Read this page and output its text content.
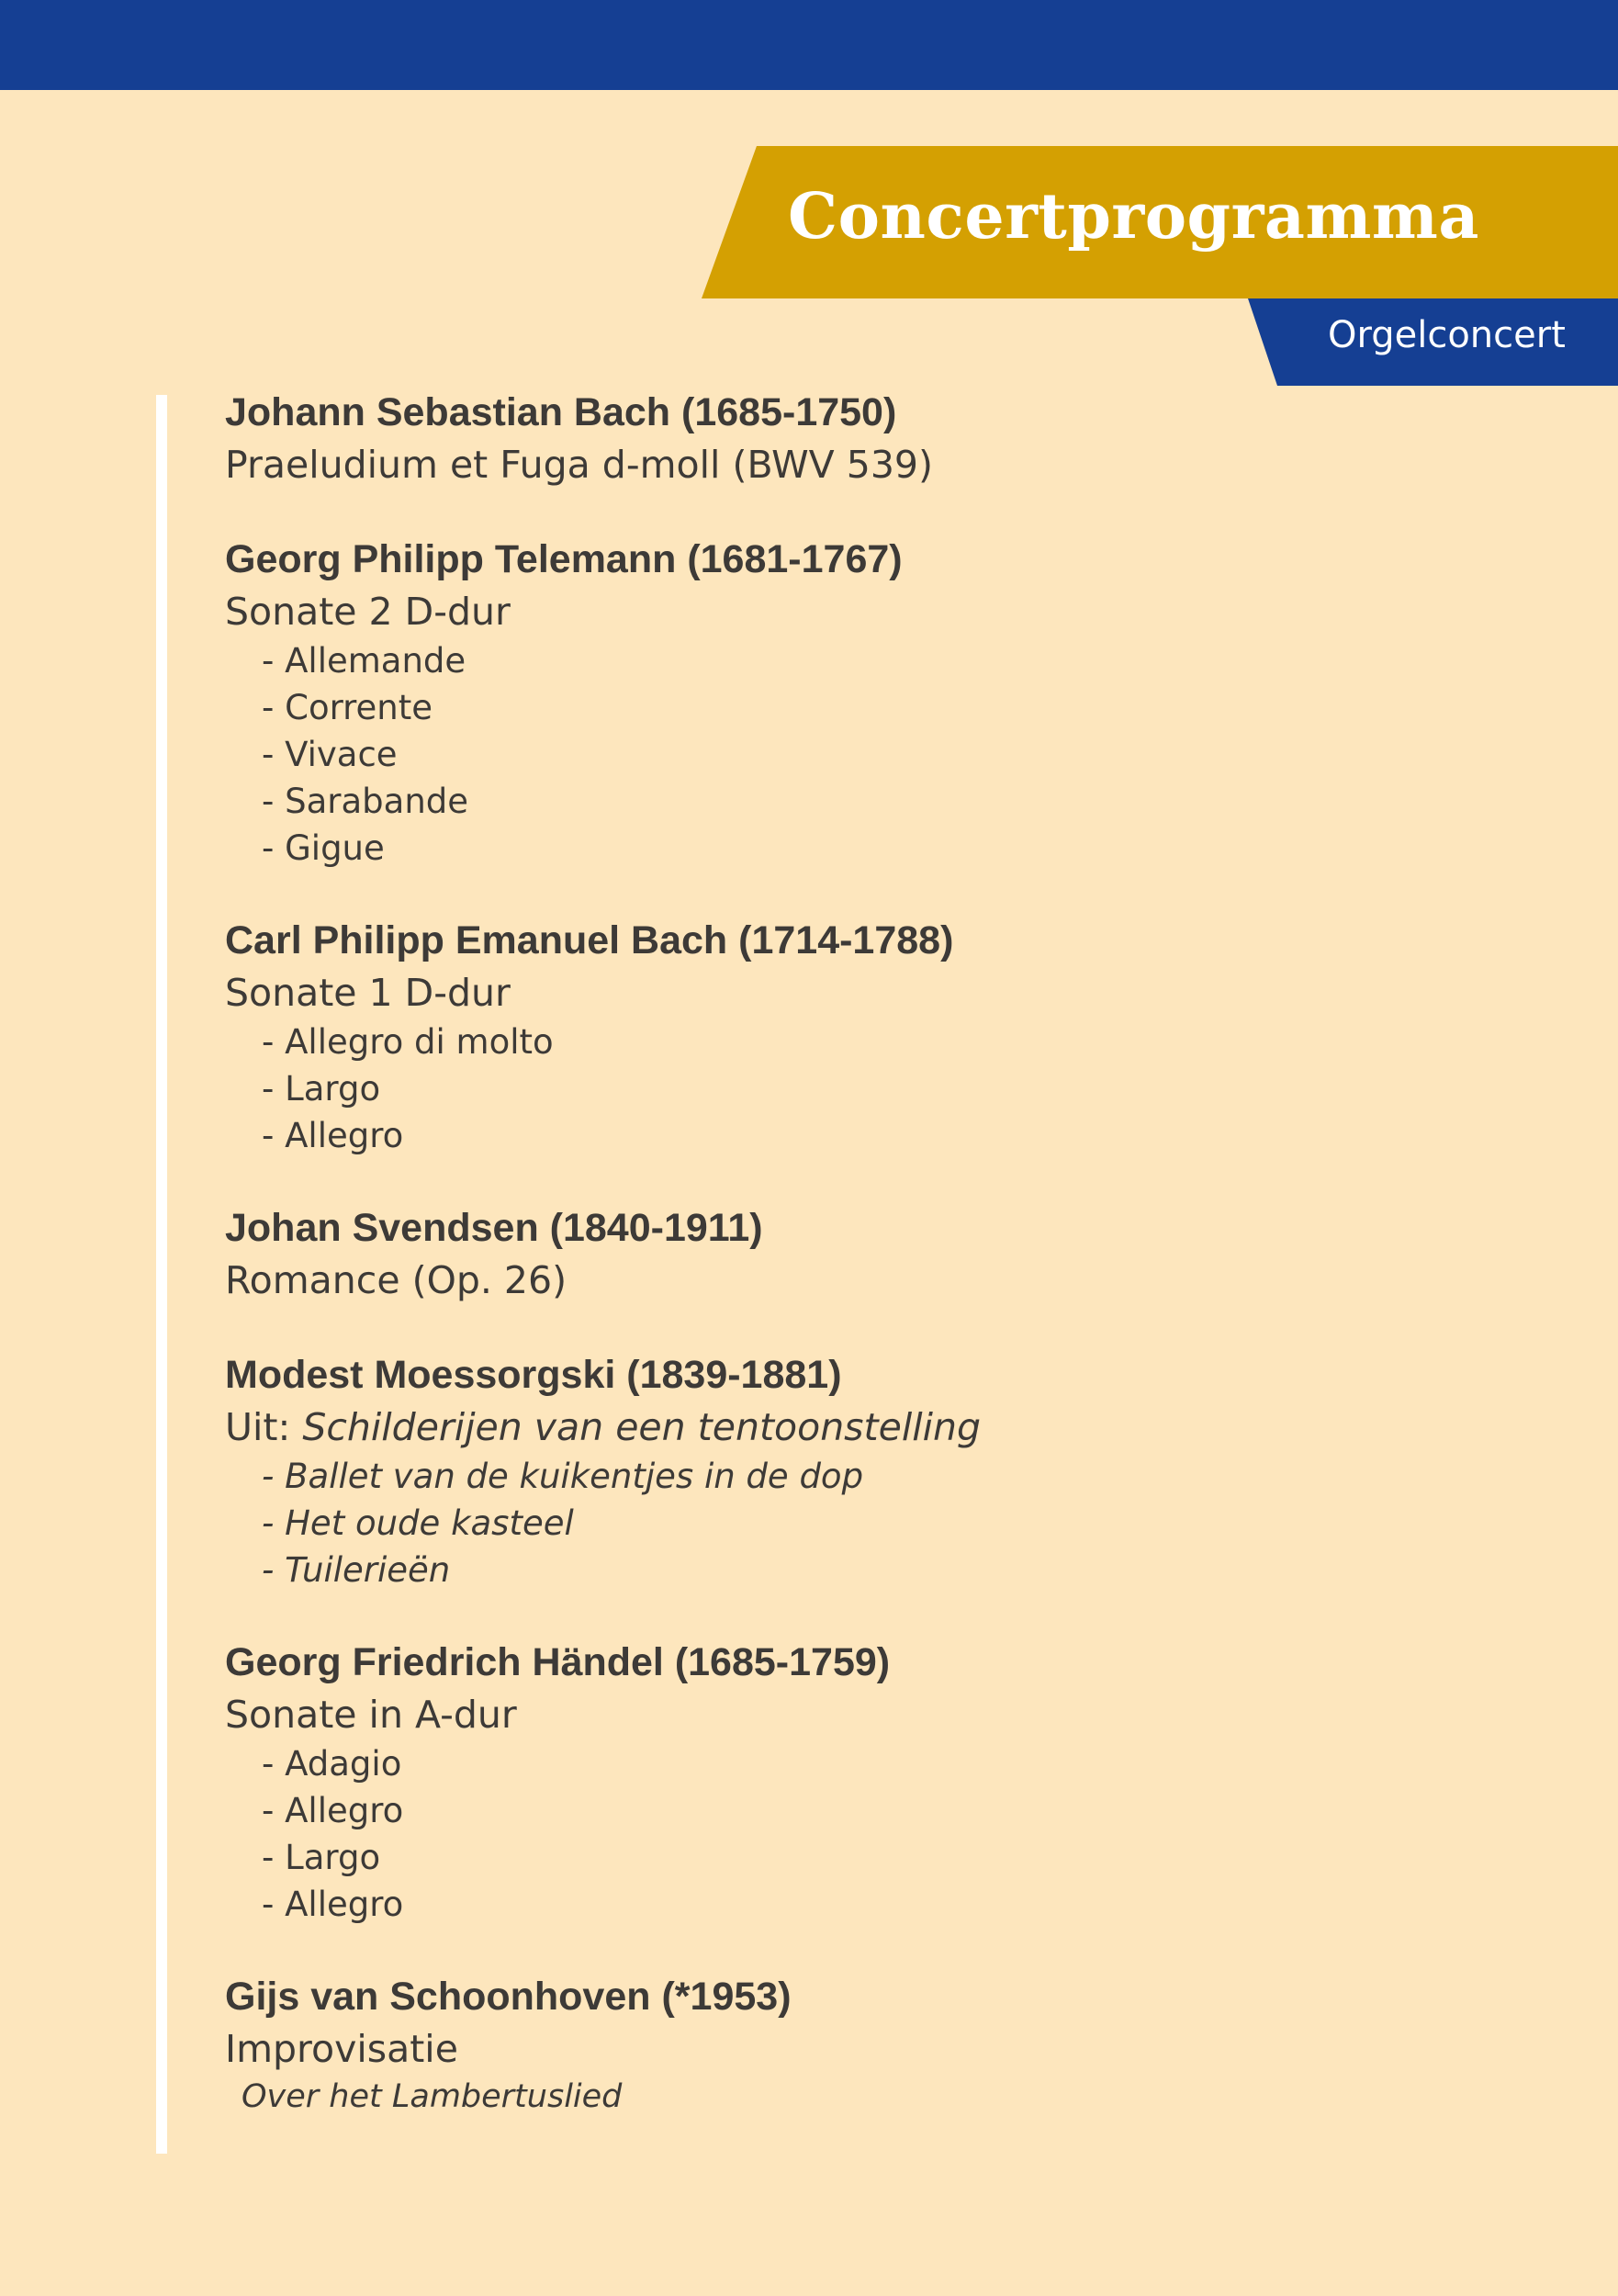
Concertprogramma
Orgelconcert
Johann Sebastian Bach (1685-1750)
Praeludium et Fuga d-moll (BWV 539)
Georg Philipp Telemann (1681-1767)
Sonate 2 D-dur
- Allemande
- Corrente
- Vivace
- Sarabande
- Gigue
Carl Philipp Emanuel Bach (1714-1788)
Sonate 1 D-dur
- Allegro di molto
- Largo
- Allegro
Johan Svendsen (1840-1911)
Romance (Op. 26)
Modest Moessorgski (1839-1881)
Uit: Schilderijen van een tentoonstelling
- Ballet van de kuikentjes in de dop
- Het oude kasteel
- Tuilerieën
Georg Friedrich Händel (1685-1759)
Sonate in A-dur
- Adagio
- Allegro
- Largo
- Allegro
Gijs van Schoonhoven (*1953)
Improvisatie
Over het Lambertuslied
